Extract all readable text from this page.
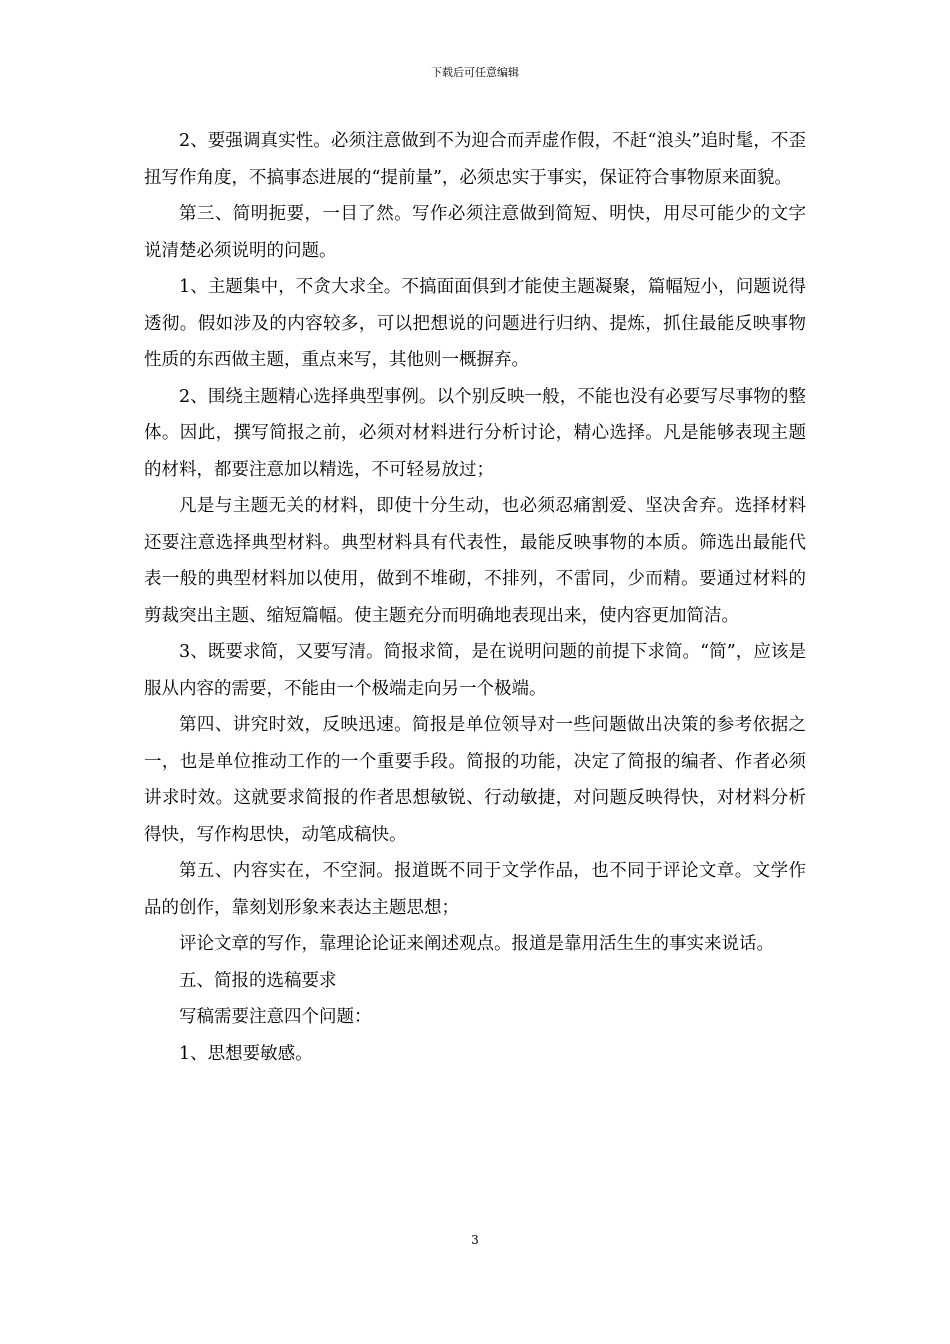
下载后可任意编辑

2、要强调真实性。必须注意做到不为迎合而弄虚作假，不赶“浪头”追时髦，不歪扭写作角度，不搞事态进展的“提前量”，必须忠实于事实，保证符合事物原来面貌。

第三、简明扼要，一目了然。写作必须注意做到简短、明快，用尽可能少的文字说清楚必须说明的问题。

1、主题集中，不贪大求全。不搞面面俱到才能使主题凝聚，篇幅短小，问题说得透彻。假如涉及的内容较多，可以把想说的问题进行归纳、提炼，抓住最能反映事物性质的东西做主题，重点来写，其他则一概摒弃。

2、围绕主题精心选择典型事例。以个别反映一般，不能也没有必要写尽事物的整体。因此，撰写简报之前，必须对材料进行分析讨论，精心选择。凡是能够表现主题的材料，都要注意加以精选，不可轻易放过；

凡是与主题无关的材料，即使十分生动，也必须忍痛割爱、坚决舍弃。选择材料还要注意选择典型材料。典型材料具有代表性，最能反映事物的本质。筛选出最能代表一般的典型材料加以使用，做到不堆砌，不排列，不雷同，少而精。要通过材料的剪裁突出主题、缩短篇幅。使主题充分而明确地表现出来，使内容更加简洁。

3、既要求简，又要写清。简报求简，是在说明问题的前提下求简。“简”，应该是服从内容的需要，不能由一个极端走向另一个极端。

第四、讲究时效，反映迅速。简报是单位领导对一些问题做出决策的参考依据之一，也是单位推动工作的一个重要手段。简报的功能，决定了简报的编者、作者必须讲求时效。这就要求简报的作者思想敏锐、行动敏捷，对问题反映得快，对材料分析得快，写作构思快，动笔成稿快。

第五、内容实在，不空洞。报道既不同于文学作品，也不同于评论文章。文学作品的创作，靠刻划形象来表达主题思想；

评论文章的写作，靠理论论证来阐述观点。报道是靠用活生生的事实来说话。

五、简报的选稿要求

写稿需要注意四个问题：

1、思想要敏感。

3
